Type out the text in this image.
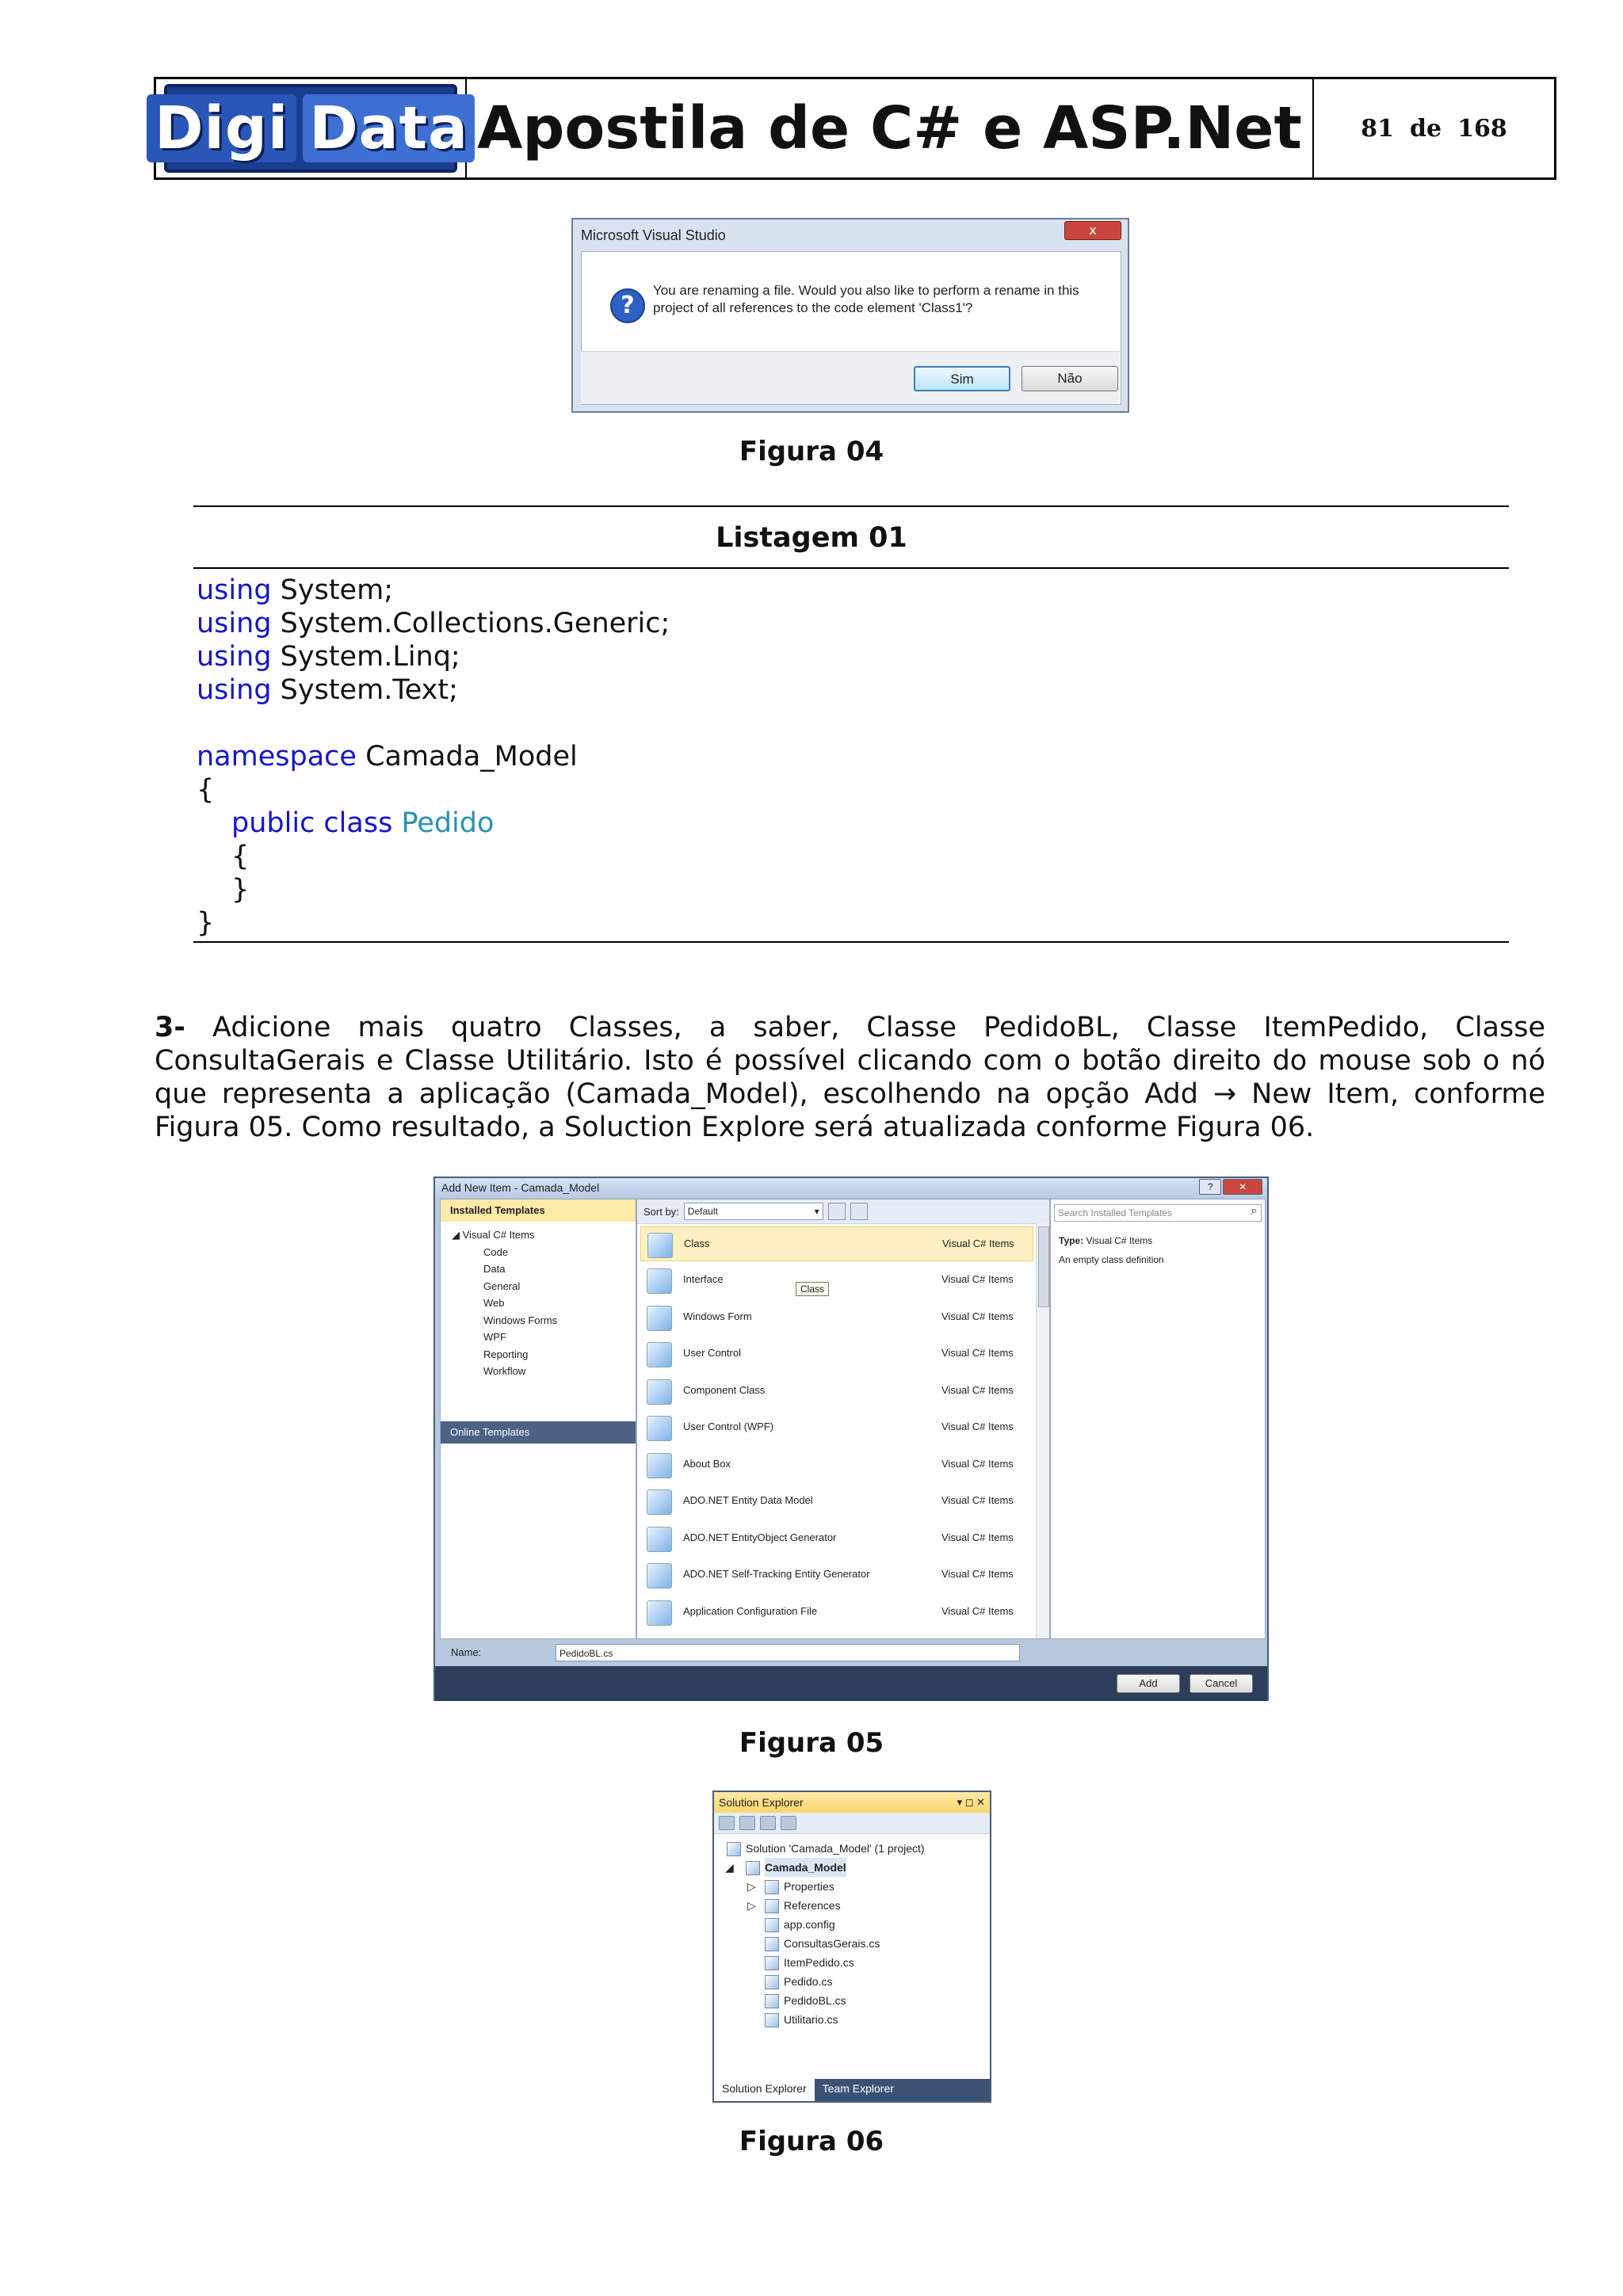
Digi Data Apostila de C# e ASP.Net 81 de 168
Microsoft Visual Studio	x
?
You are renaming a file. Would you also like to perform a rename in this
project of all references to the code element 'Class1'?
Sim	Não
Figura 04
Listagem 01
using System;
using System.Collections.Generic;
using System.Linq;
using System.Text;
namespace Camada_Model
{
public class Pedido
{
}
}
3- Adicione mais quatro Classes, a saber, Classe PedidoBL, Classe ItemPedido, Classe ConsultaGerais e Classe Utilitário. Isto é possível clicando com o botão direito do mouse sob o nó que representa a aplicação (Camada_Model), escolhendo na opção Add → New Item, conforme Figura 05. Como resultado, a Soluction Explore será atualizada conforme Figura 06.
Add New Item - Camada_Model	?	✕
Installed Templates
◢ Visual C# Items
Code
Data
General
Web
Windows Forms
WPF
Reporting
Workflow
Online Templates
Sort by: Default ▾
Class	Visual C# Items
Interface	Visual C# Items
Windows Form	Visual C# Items
User Control	Visual C# Items
Component Class	Visual C# Items
User Control (WPF)	Visual C# Items
About Box	Visual C# Items
ADO.NET Entity Data Model	Visual C# Items
ADO.NET EntityObject Generator	Visual C# Items
ADO.NET Self-Tracking Entity Generator	Visual C# Items
Application Configuration File	Visual C# Items
Class
Search Installed Templates ⌕
Type: Visual C# Items
An empty class definition
Name:	PedidoBL.cs
Add	Cancel
Figura 05
Solution Explorer	▾ ◻ ✕
Solution 'Camada_Model' (1 project)
◢	Camada_Model
▷	Properties
▷	References
app.config
ConsultasGerais.cs
ItemPedido.cs
Pedido.cs
PedidoBL.cs
Utilitario.cs
Solution Explorer	Team Explorer
Figura 06
